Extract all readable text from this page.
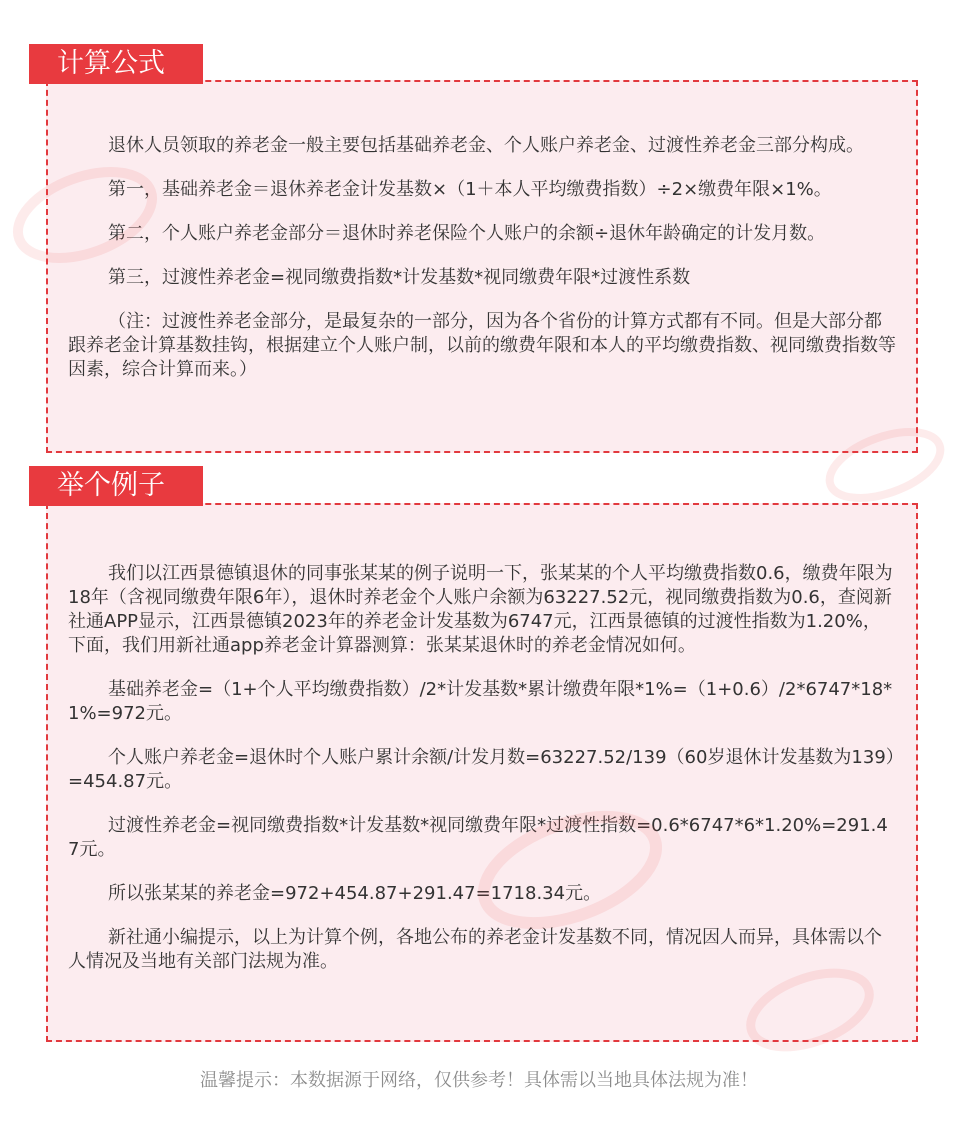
计算公式

退休人员领取的养老金一般主要包括基础养老金、个人账户养老金、过渡性养老金三部分构成。

第一，基础养老金＝退休养老金计发基数×（1＋本人平均缴费指数）÷2×缴费年限×1%。

第二，个人账户养老金部分＝退休时养老保险个人账户的余额÷退休年龄确定的计发月数。

第三，过渡性养老金=视同缴费指数*计发基数*视同缴费年限*过渡性系数

（注：过渡性养老金部分，是最复杂的一部分，因为各个省份的计算方式都有不同。但是大部分都跟养老金计算基数挂钩，根据建立个人账户制，以前的缴费年限和本人的平均缴费指数、视同缴费指数等因素，综合计算而来。）

举个例子

我们以江西景德镇退休的同事张某某的例子说明一下，张某某的个人平均缴费指数0.6，缴费年限为18年（含视同缴费年限6年），退休时养老金个人账户余额为63227.52元，视同缴费指数为0.6，查阅新社通APP显示，江西景德镇2023年的养老金计发基数为6747元，江西景德镇的过渡性指数为1.20%，下面，我们用新社通app养老金计算器测算：张某某退休时的养老金情况如何。

基础养老金=（1+个人平均缴费指数）/2*计发基数*累计缴费年限*1%=（1+0.6）/2*6747*18*1%=972元。

个人账户养老金=退休时个人账户累计余额/计发月数=63227.52/139（60岁退休计发基数为139）=454.87元。

过渡性养老金=视同缴费指数*计发基数*视同缴费年限*过渡性指数=0.6*6747*6*1.20%=291.47元。

所以张某某的养老金=972+454.87+291.47=1718.34元。

新社通小编提示，以上为计算个例，各地公布的养老金计发基数不同，情况因人而异，具体需以个人情况及当地有关部门法规为准。

温馨提示：本数据源于网络，仅供参考！具体需以当地具体法规为准！
